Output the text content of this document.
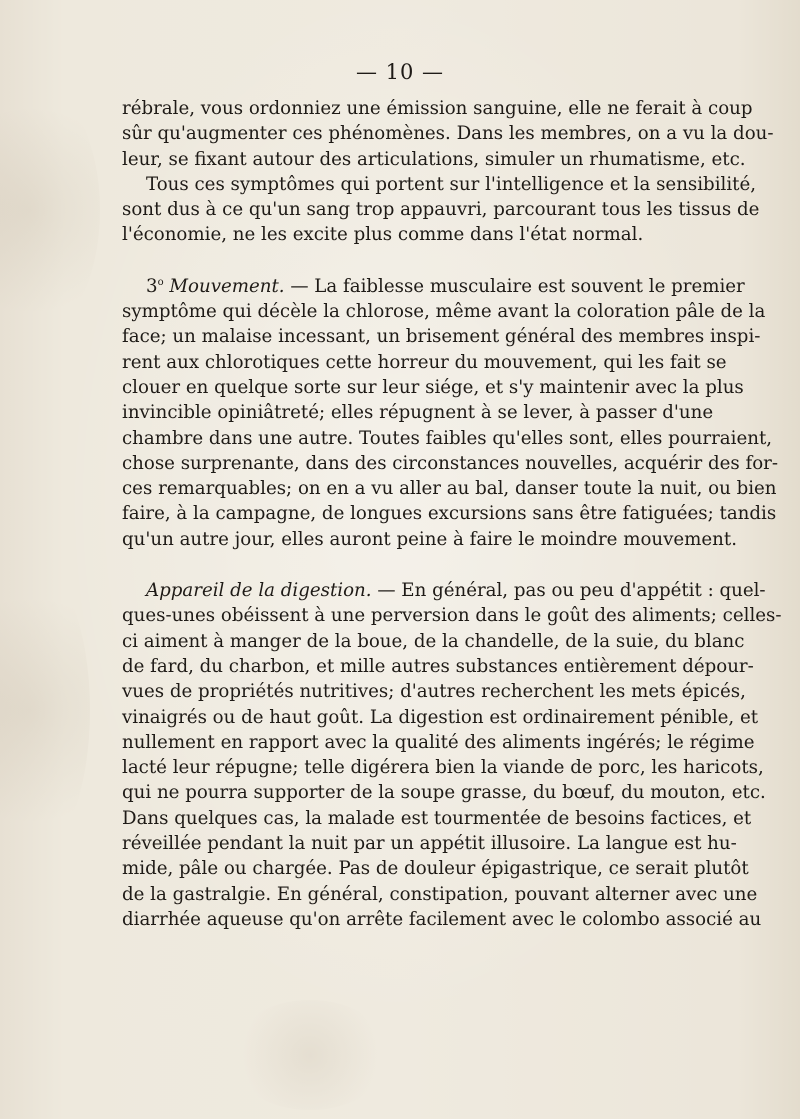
— 10 —
rébrale, vous ordonniez une émission sanguine, elle ne ferait à coup
sûr qu'augmenter ces phénomènes. Dans les membres, on a vu la dou-
leur, se fixant autour des articulations, simuler un rhumatisme, etc.
Tous ces symptômes qui portent sur l'intelligence et la sensibilité,
sont dus à ce qu'un sang trop appauvri, parcourant tous les tissus de
l'économie, ne les excite plus comme dans l'état normal.
3$^o$ Mouvement. — La faiblesse musculaire est souvent le premier
symptôme qui décèle la chlorose, même avant la coloration pâle de la
face; un malaise incessant, un brisement général des membres inspi-
rent aux chlorotiques cette horreur du mouvement, qui les fait se
clouer en quelque sorte sur leur siége, et s'y maintenir avec la plus
invincible opiniâtreté; elles répugnent à se lever, à passer d'une
chambre dans une autre. Toutes faibles qu'elles sont, elles pourraient,
chose surprenante, dans des circonstances nouvelles, acquérir des for-
ces remarquables; on en a vu aller au bal, danser toute la nuit, ou bien
faire, à la campagne, de longues excursions sans être fatiguées; tandis
qu'un autre jour, elles auront peine à faire le moindre mouvement.
Appareil de la digestion. — En général, pas ou peu d'appétit : quel-
ques-unes obéissent à une perversion dans le goût des aliments; celles-
ci aiment à manger de la boue, de la chandelle, de la suie, du blanc
de fard, du charbon, et mille autres substances entièrement dépour-
vues de propriétés nutritives; d'autres recherchent les mets épicés,
vinaigrés ou de haut goût. La digestion est ordinairement pénible, et
nullement en rapport avec la qualité des aliments ingérés; le régime
lacté leur répugne; telle digérera bien la viande de porc, les haricots,
qui ne pourra supporter de la soupe grasse, du bœuf, du mouton, etc.
Dans quelques cas, la malade est tourmentée de besoins factices, et
réveillée pendant la nuit par un appétit illusoire. La langue est hu-
mide, pâle ou chargée. Pas de douleur épigastrique, ce serait plutôt
de la gastralgie. En général, constipation, pouvant alterner avec une
diarrhée aqueuse qu'on arrête facilement avec le colombo associé au
